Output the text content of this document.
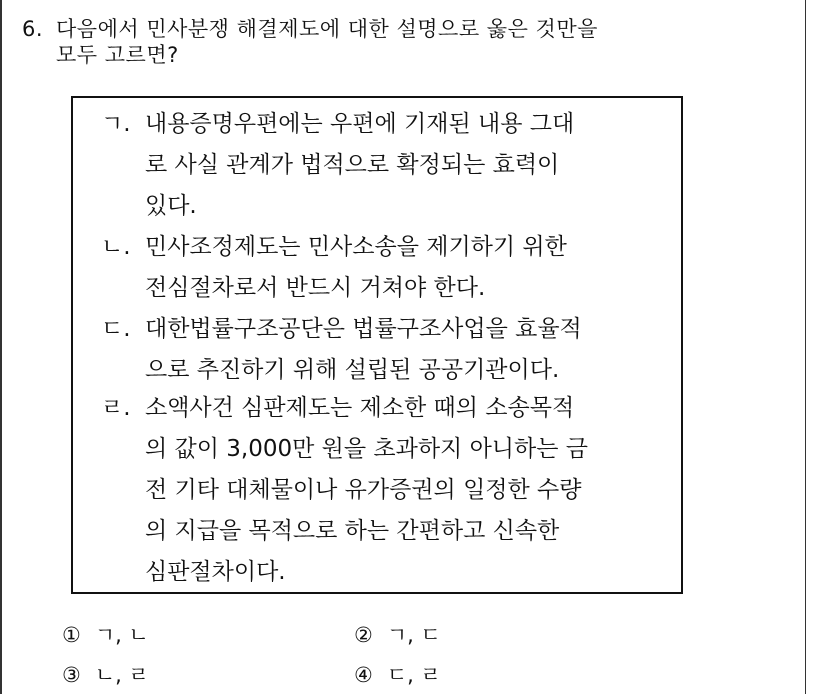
6. 다음에서 민사분쟁 해결제도에 대한 설명으로 옳은 것만을
모두 고르면?
ㄱ. 내용증명우편에는 우편에 기재된 내용 그대
로 사실 관계가 법적으로 확정되는 효력이
있다.
ㄴ. 민사조정제도는 민사소송을 제기하기 위한
전심절차로서 반드시 거쳐야 한다.
ㄷ. 대한법률구조공단은 법률구조사업을 효율적
으로 추진하기 위해 설립된 공공기관이다.
ㄹ. 소액사건 심판제도는 제소한 때의 소송목적
의 값이 3,000만 원을 초과하지 아니하는 금
전 기타 대체물이나 유가증권의 일정한 수량
의 지급을 목적으로 하는 간편하고 신속한
심판절차이다.
① ㄱ, ㄴ	② ㄱ, ㄷ
③ ㄴ, ㄹ	④ ㄷ, ㄹ
